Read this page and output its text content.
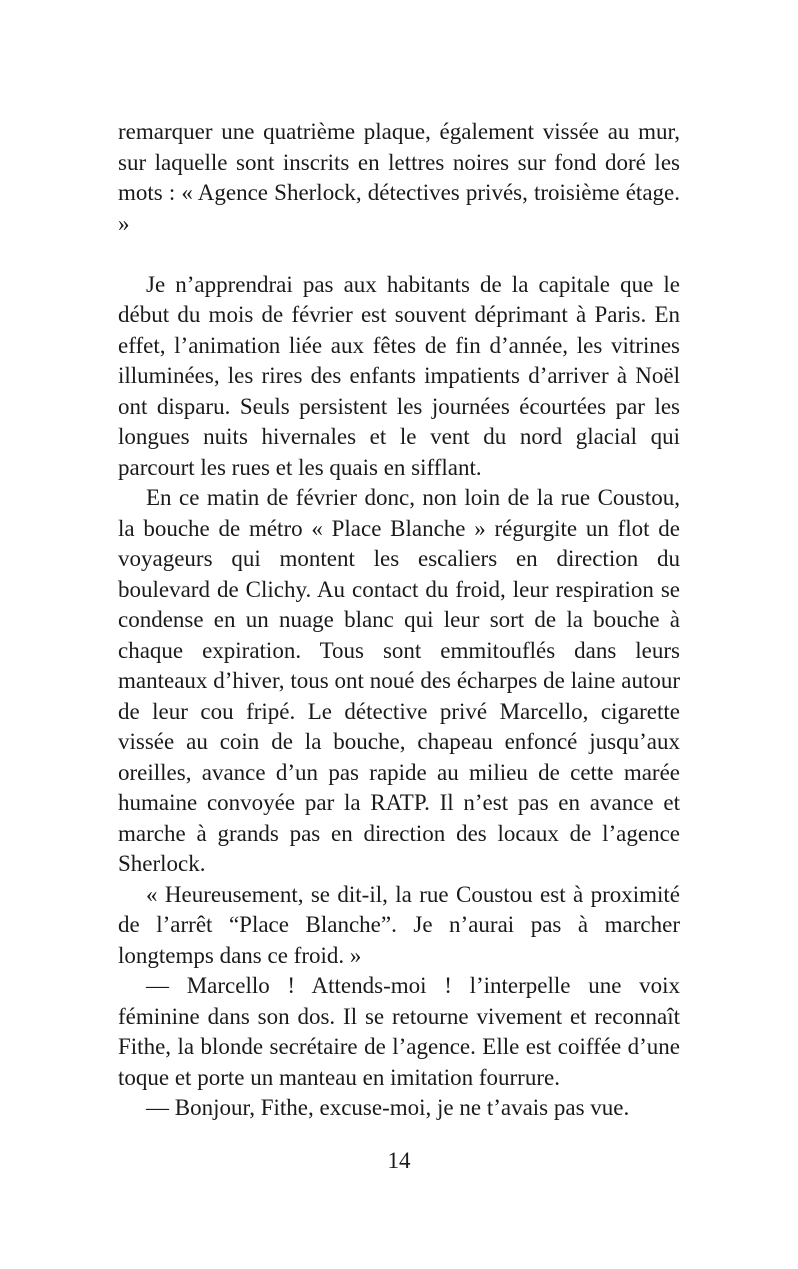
remarquer une quatrième plaque, également vissée au mur, sur laquelle sont inscrits en lettres noires sur fond doré les mots : « Agence Sherlock, détectives privés, troisième étage. »

Je n’apprendrai pas aux habitants de la capitale que le début du mois de février est souvent déprimant à Paris. En effet, l’animation liée aux fêtes de fin d’année, les vitrines illuminées, les rires des enfants impatients d’arriver à Noël ont disparu. Seuls persistent les journées écourtées par les longues nuits hivernales et le vent du nord glacial qui parcourt les rues et les quais en sifflant.

En ce matin de février donc, non loin de la rue Coustou, la bouche de métro « Place Blanche » régurgite un flot de voyageurs qui montent les escaliers en direction du boulevard de Clichy. Au contact du froid, leur respiration se condense en un nuage blanc qui leur sort de la bouche à chaque expiration. Tous sont emmitouflés dans leurs manteaux d’hiver, tous ont noué des écharpes de laine autour de leur cou fripé. Le détective privé Marcello, cigarette vissée au coin de la bouche, chapeau enfoncé jusqu’aux oreilles, avance d’un pas rapide au milieu de cette marée humaine convoyée par la RATP. Il n’est pas en avance et marche à grands pas en direction des locaux de l’agence Sherlock.

« Heureusement, se dit-il, la rue Coustou est à proximité de l’arrêt “Place Blanche”. Je n’aurai pas à marcher longtemps dans ce froid. »

— Marcello ! Attends-moi ! l’interpelle une voix féminine dans son dos. Il se retourne vivement et reconnaît Fithe, la blonde secrétaire de l’agence. Elle est coiffée d’une toque et porte un manteau en imitation fourrure.

— Bonjour, Fithe, excuse-moi, je ne t’avais pas vue.

14
